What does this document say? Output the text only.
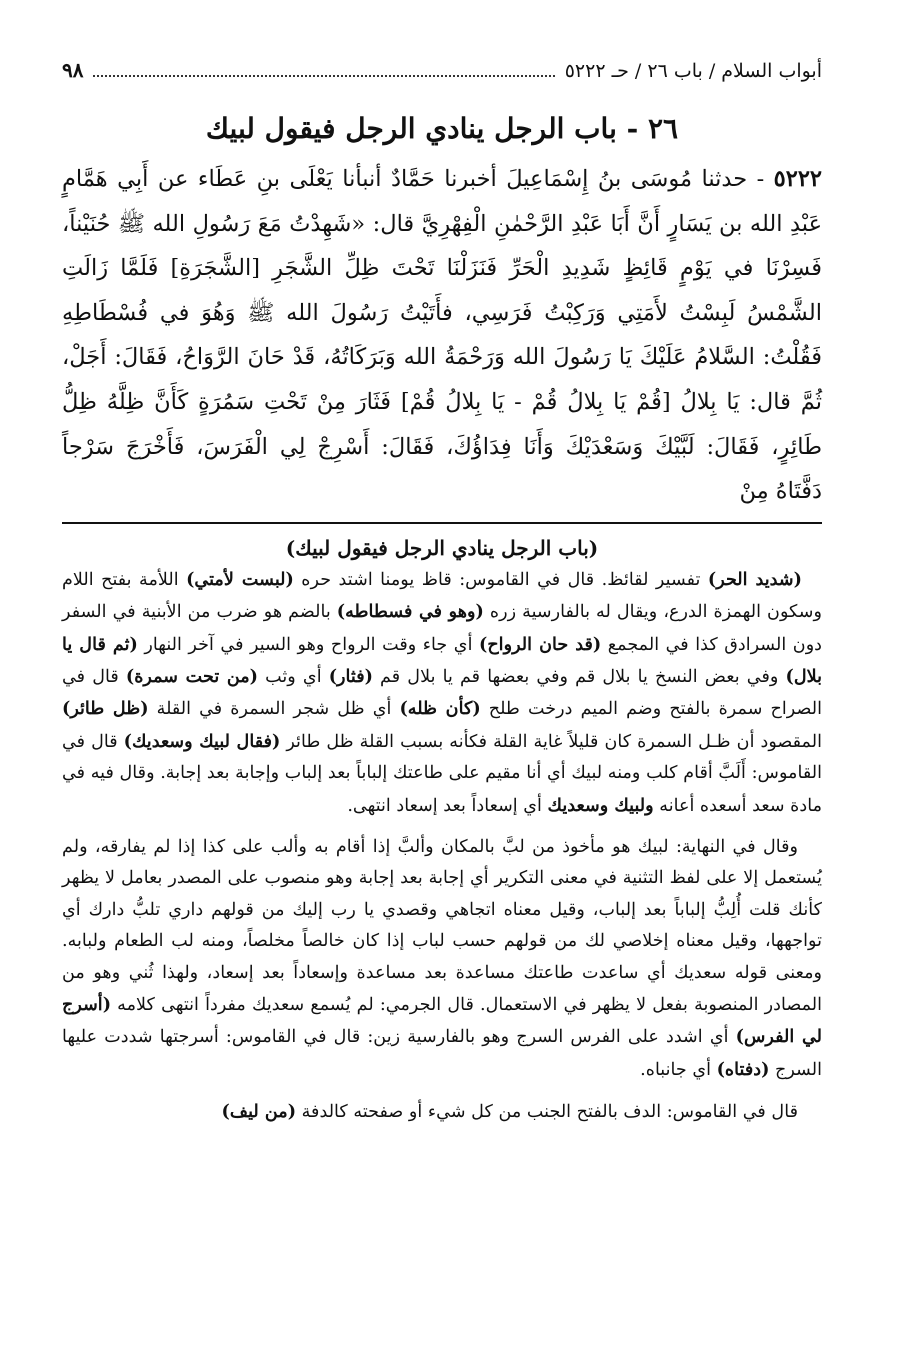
أبواب السلام / باب ٢٦ / حـ ٥٢٢٢
٩٨
٢٦ - باب الرجل ينادي الرجل فيقول لبيك

٥٢٢٢ - حدثنا مُوسَى بنُ إِسْمَاعِيلَ أخبرنا حَمَّادٌ أنبأنا يَعْلَى بنِ عَطَاء عن أَبِي هَمَّامٍ عَبْدِ الله بن يَسَارٍ أَنَّ أَبَا عَبْدِ الرَّحْمٰنِ الْفِهْرِيَّ قال: «شَهِدْتُ مَعَ رَسُولِ الله ﷺ حُنَيْناً، فَسِرْنَا في يَوْمٍ قَائِظٍ شَدِيدِ الْحَرِّ فَنَزَلْنَا تَحْتَ ظِلِّ الشَّجَرِ [الشَّجَرَةِ] فَلَمَّا زَالَتِ الشَّمْسُ لَبِسْتُ لأَمَتِي وَرَكِبْتُ فَرَسِي، فأَتَيْتُ رَسُولَ الله ﷺ وَهُوَ في فُسْطَاطِهِ فَقُلْتُ: السَّلامُ عَلَيْكَ يَا رَسُولَ الله وَرَحْمَةُ الله وَبَرَكَاتُهُ، قَدْ حَانَ الرَّوَاحُ، فَقَالَ: أَجَلْ، ثُمَّ قال: يَا بِلالُ [قُمْ يَا بِلالُ قُمْ - يَا بِلالُ قُمْ] فَثَارَ مِنْ تَحْتِ سَمُرَةٍ كَأَنَّ ظِلَّهُ ظِلُّ طَائِرٍ، فَقَالَ: لَبَّيْكَ وَسَعْدَيْكَ وَأَنَا فِدَاؤُكَ، فَقَالَ: أَسْرِجْ لِي الْفَرَسَ، فَأَخْرَجَ سَرْجاً دَفَّتَاهُ مِنْ

(باب الرجل ينادي الرجل فيقول لبيك)

(شديد الحر) تفسير لقائظ. قال في القاموس: قاظ يومنا اشتد حره (لبست لأمتي) اللأمة بفتح اللام وسكون الهمزة الدرع، ويقال له بالفارسية زره (وهو في فسطاطه) بالضم هو ضرب من الأبنية في السفر دون السرادق كذا في المجمع (قد حان الرواح) أي جاء وقت الرواح وهو السير في آخر النهار (ثم قال يا بلال) وفي بعض النسخ يا بلال قم وفي بعضها قم يا بلال قم (فثار) أي وثب (من تحت سمرة) قال في الصراح سمرة بالفتح وضم الميم درخت طلح (كأن ظله) أي ظل شجر السمرة في القلة (ظل طائر) المقصود أن ظـل السمرة كان قليلاً غاية القلة فكأنه بسبب القلة ظل طائر (فقال لبيك وسعديك) قال في القاموس: أَلَبَّ أقام كلب ومنه لبيك أي أنا مقيم على طاعتك إلباباً بعد إلباب وإجابة بعد إجابة. وقال فيه في مادة سعد أسعده أعانه ولبيك وسعديك أي إسعاداً بعد إسعاد انتهى.

وقال في النهاية: لبيك هو مأخوذ من لبَّ بالمكان وألبَّ إذا أقام به وألب على كذا إذا لم يفارقه، ولم يُستعمل إلا على لفظ التثنية في معنى التكرير أي إجابة بعد إجابة وهو منصوب على المصدر بعامل لا يظهر كأنك قلت أُلِبُّ إلباباً بعد إلباب، وقيل معناه اتجاهي وقصدي يا رب إليك من قولهم داري تلبُّ دارك أي تواجهها، وقيل معناه إخلاصي لك من قولهم حسب لباب إذا كان خالصاً مخلصاً، ومنه لب الطعام ولبابه. ومعنى قوله سعديك أي ساعدت طاعتك مساعدة بعد مساعدة وإسعاداً بعد إسعاد، ولهذا ثُني وهو من المصادر المنصوبة بفعل لا يظهر في الاستعمال. قال الجرمي: لم يُسمع سعديك مفرداً انتهى كلامه (أسرج لي الفرس) أي اشدد على الفرس السرج وهو بالفارسية زين: قال في القاموس: أسرجتها شددت عليها السرج (دفتاه) أي جانباه.

قال في القاموس: الدف بالفتح الجنب من كل شيء أو صفحته كالدفة (من ليف)
